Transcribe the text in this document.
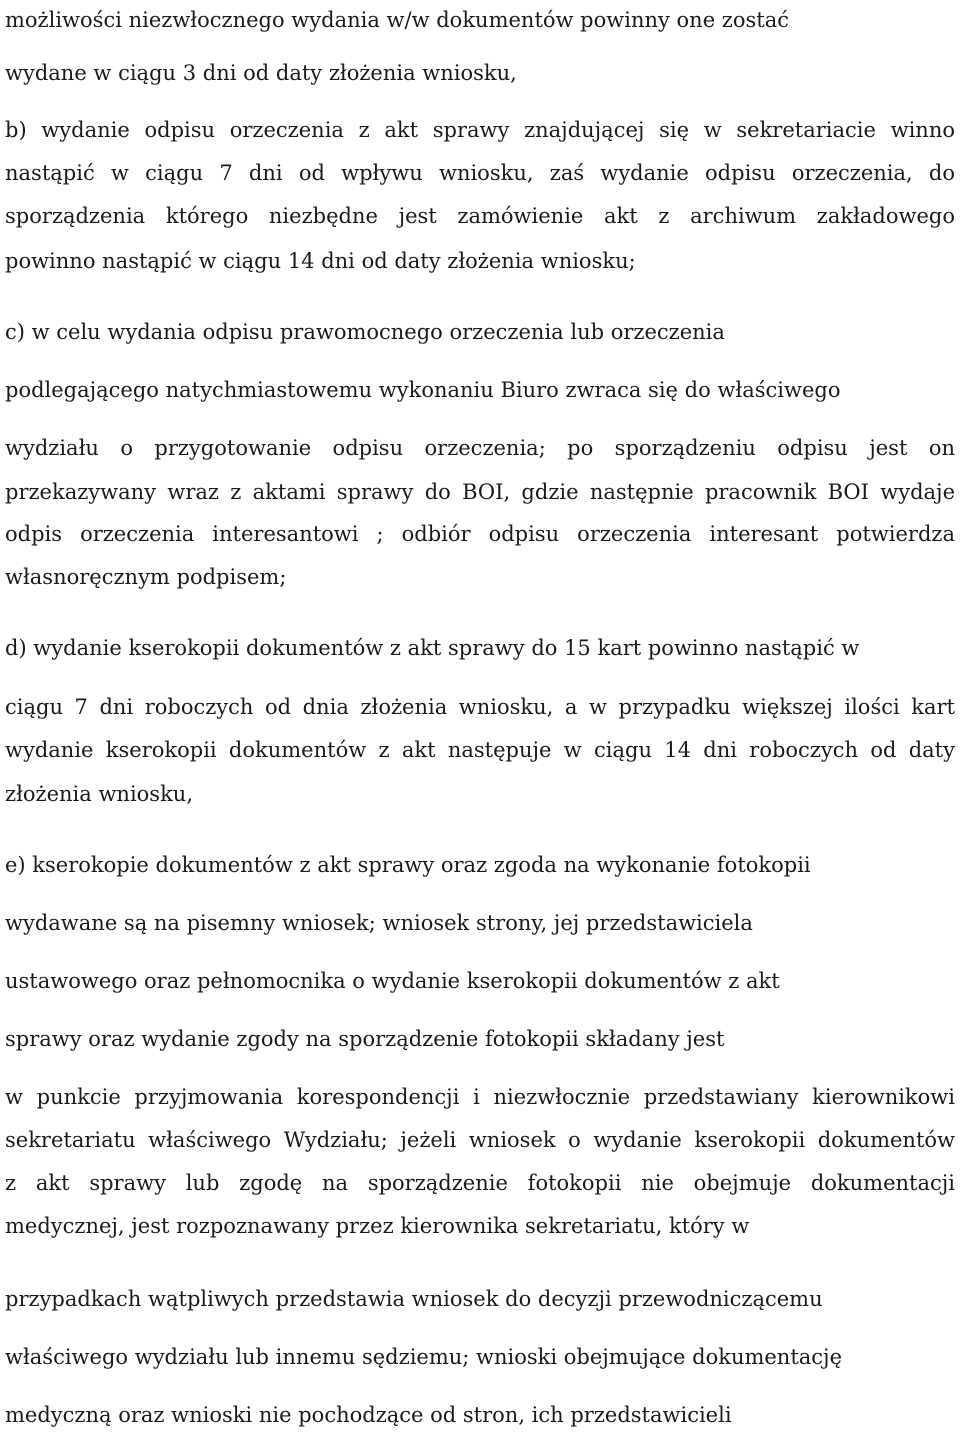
możliwości niezwłocznego wydania w/w dokumentów powinny one zostać
wydane w ciągu 3 dni od daty złożenia wniosku,
b) wydanie odpisu orzeczenia z akt sprawy znajdującej się w sekretariacie winno
nastąpić w ciągu 7 dni od wpływu wniosku, zaś wydanie odpisu orzeczenia, do
sporządzenia którego niezbędne jest zamówienie akt z archiwum zakładowego
powinno nastąpić w ciągu 14 dni od daty złożenia wniosku;
c) w celu wydania odpisu prawomocnego orzeczenia lub orzeczenia
podlegającego natychmiastowemu wykonaniu Biuro zwraca się do właściwego
wydziału o przygotowanie odpisu orzeczenia; po sporządzeniu odpisu jest on
przekazywany wraz z aktami sprawy do BOI, gdzie następnie pracownik BOI wydaje
odpis orzeczenia interesantowi ; odbiór odpisu orzeczenia interesant potwierdza
własnoręcznym podpisem;
d) wydanie kserokopii dokumentów z akt sprawy do 15 kart powinno nastąpić w
ciągu 7 dni roboczych od dnia złożenia wniosku, a w przypadku większej ilości kart
wydanie kserokopii dokumentów z akt następuje w ciągu 14 dni roboczych od daty
złożenia wniosku,
e) kserokopie dokumentów z akt sprawy oraz zgoda na wykonanie fotokopii
wydawane są na pisemny wniosek; wniosek strony, jej przedstawiciela
ustawowego oraz pełnomocnika o wydanie kserokopii dokumentów z akt
sprawy oraz wydanie zgody na sporządzenie fotokopii składany jest
w punkcie przyjmowania korespondencji i niezwłocznie przedstawiany kierownikowi
sekretariatu właściwego Wydziału; jeżeli wniosek o wydanie kserokopii dokumentów
z akt sprawy lub zgodę na sporządzenie fotokopii nie obejmuje dokumentacji
medycznej, jest rozpoznawany przez kierownika sekretariatu, który w
przypadkach wątpliwych przedstawia wniosek do decyzji przewodniczącemu
właściwego wydziału lub innemu sędziemu; wnioski obejmujące dokumentację
medyczną oraz wnioski nie pochodzące od stron, ich przedstawicieli
